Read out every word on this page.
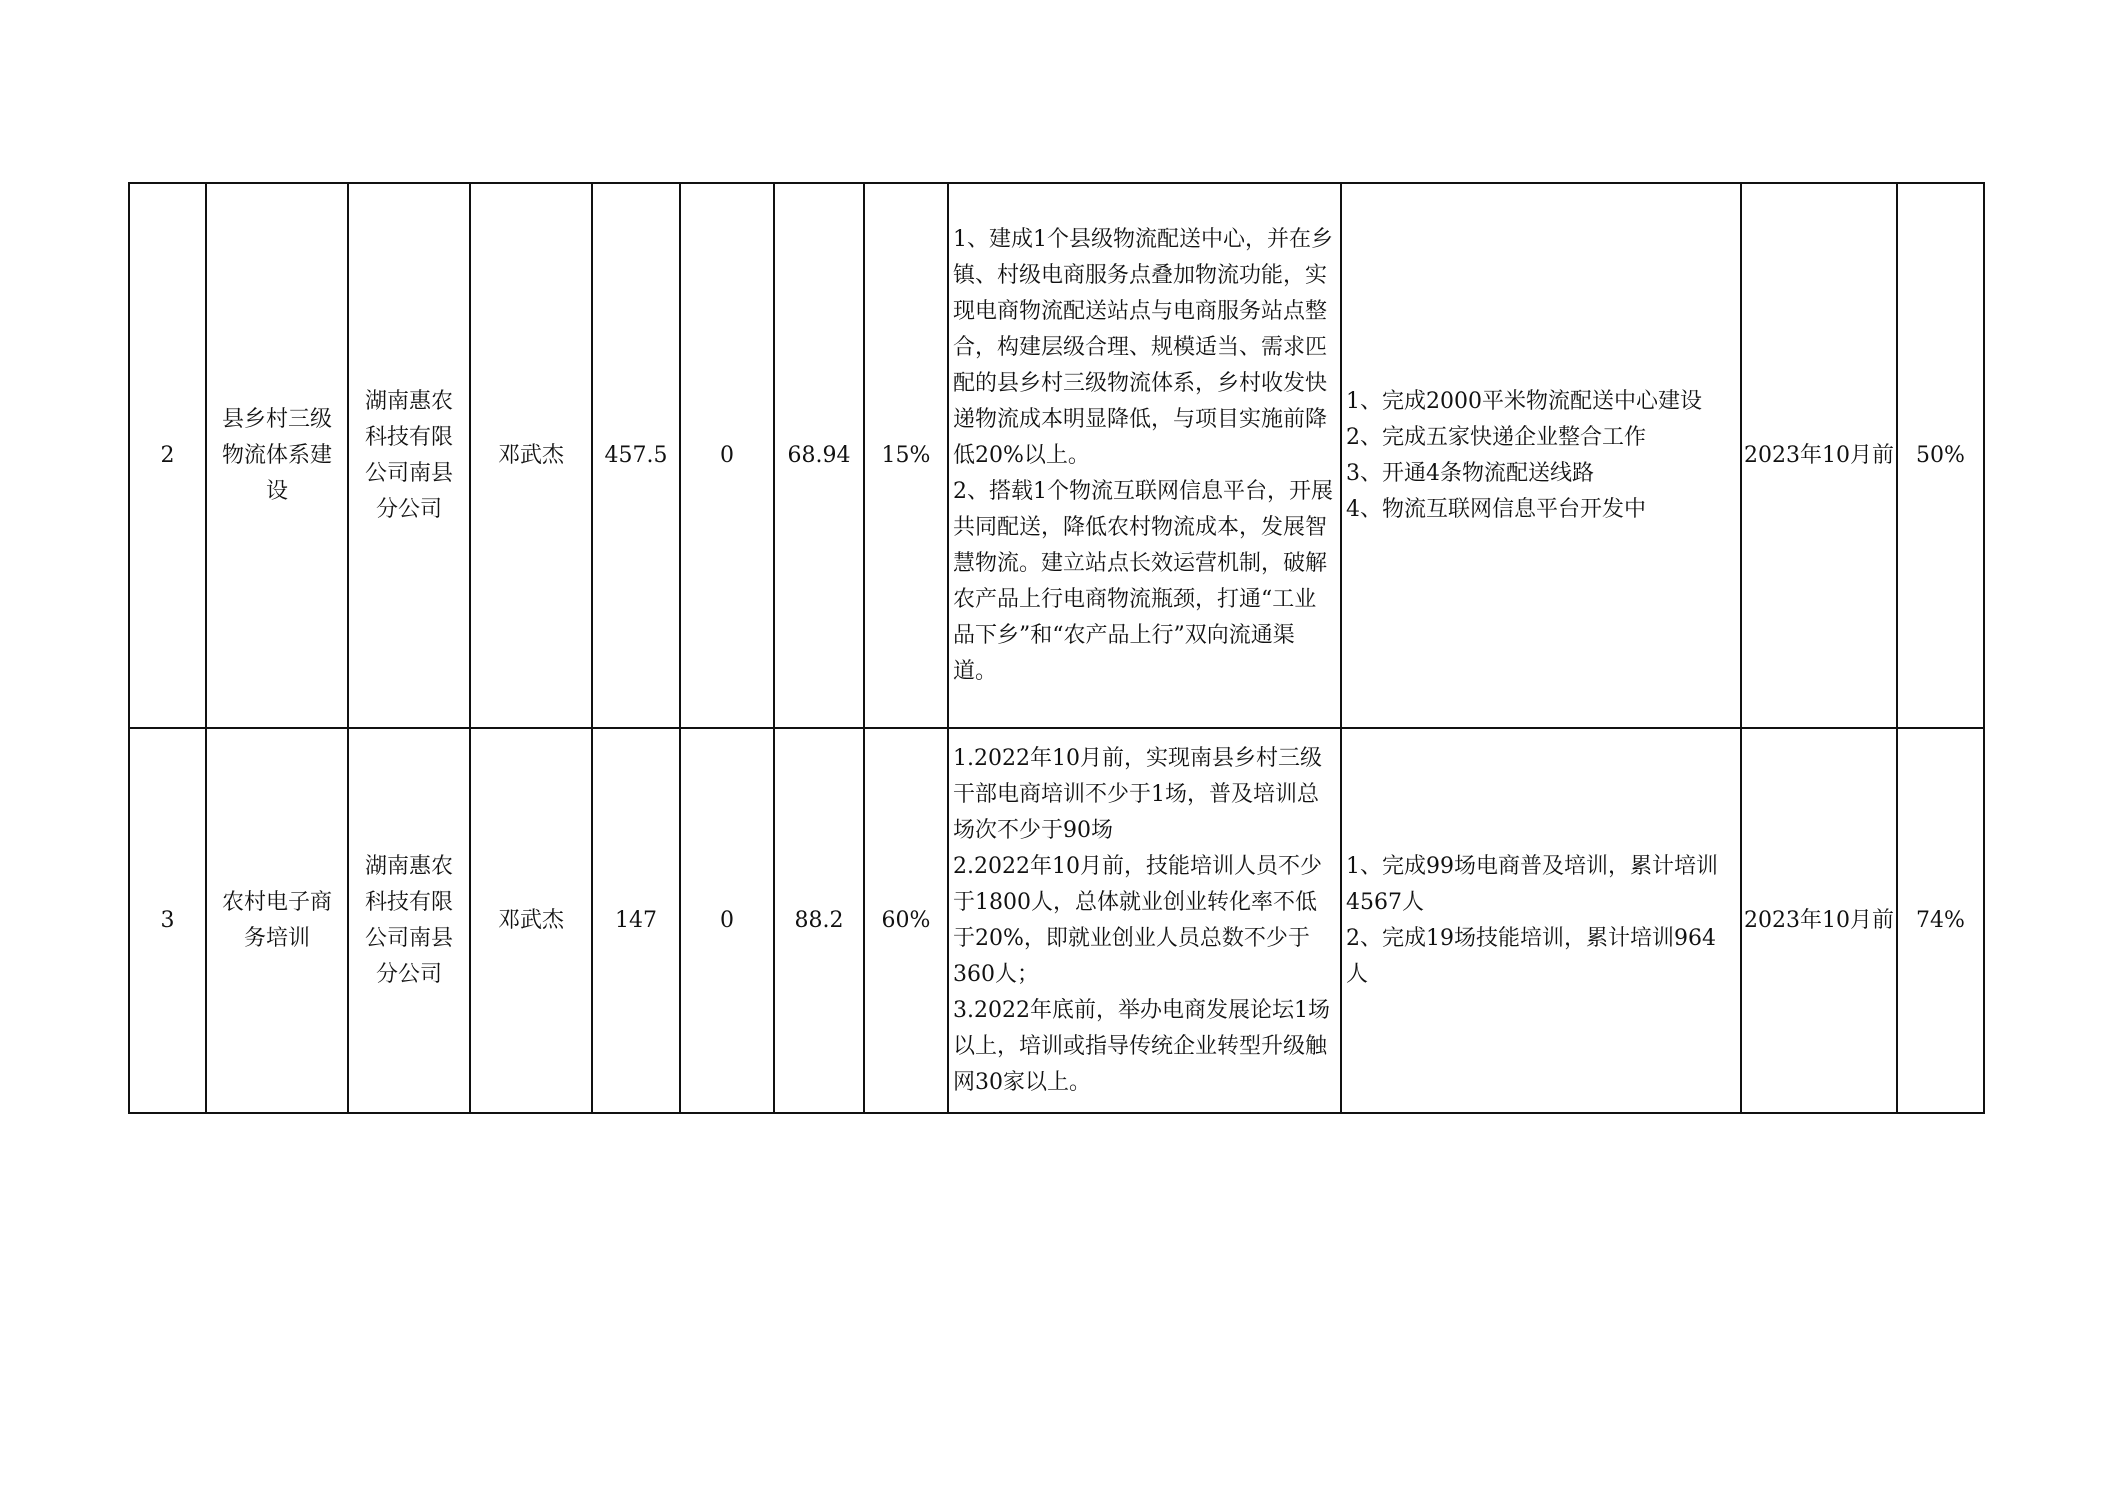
2	县乡村三级物流体系建设	湖南惠农科技有限公司南县分公司	邓武杰	457.5	0	68.94	15%	1、建成1个县级物流配送中心，并在乡镇、村级电商服务点叠加物流功能，实现电商物流配送站点与电商服务站点整合，构建层级合理、规模适当、需求匹配的县乡村三级物流体系，乡村收发快递物流成本明显降低，与项目实施前降低20%以上。
2、搭载1个物流互联网信息平台，开展共同配送，降低农村物流成本，发展智慧物流。建立站点长效运营机制，破解农产品上行电商物流瓶颈，打通“工业品下乡”和“农产品上行”双向流通渠道。	1、完成2000平米物流配送中心建设
2、完成五家快递企业整合工作
3、开通4条物流配送线路
4、物流互联网信息平台开发中	2023年10月前	50%
3	农村电子商务培训	湖南惠农科技有限公司南县分公司	邓武杰	147	0	88.2	60%	1.2022年10月前，实现南县乡村三级干部电商培训不少于1场，普及培训总场次不少于90场
2.2022年10月前，技能培训人员不少于1800人，总体就业创业转化率不低于20%，即就业创业人员总数不少于360人；
3.2022年底前，举办电商发展论坛1场以上，培训或指导传统企业转型升级触网30家以上。	1、完成99场电商普及培训，累计培训4567人
2、完成19场技能培训，累计培训964人	2023年10月前	74%
